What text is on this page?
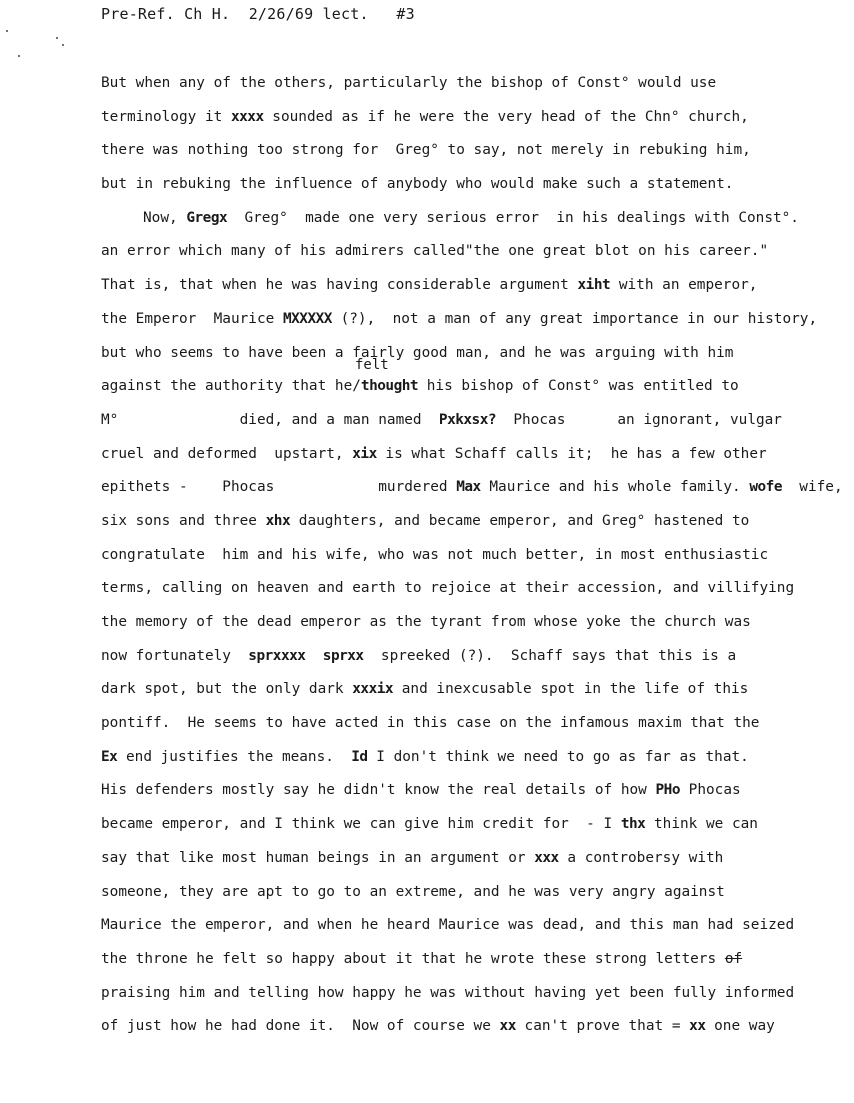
Pre-Ref. Ch H.  2/26/69 lect.   #3
felt
But when any of the others, particularly the bishop of Const° would use
terminology it xxxx sounded as if he were the very head of the Chn° church,
there was nothing too strong for  Greg° to say, not merely in rebuking him,
but in rebuking the influence of anybody who would make such a statement.
Now, Gregx  Greg°  made one very serious error  in his dealings with Const°.
an error which many of his admirers called"the one great blot on his career."
That is, that when he was having considerable argument xiht with an emperor,
the Emperor  Maurice MXXXXX (?),  not a man of any great importance in our history,
but who seems to have been a fairly good man, and he was arguing with him
against the authority that he/thought his bishop of Const° was entitled to
M°              died, and a man named  Pxkxsx?  Phocas      an ignorant, vulgar
cruel and deformed  upstart, xix is what Schaff calls it;  he has a few other
epithets -    Phocas            murdered Max Maurice and his whole family. wofe  wife,
six sons and three xhx daughters, and became emperor, and Greg° hastened to
congratulate  him and his wife, who was not much better, in most enthusiastic
terms, calling on heaven and earth to rejoice at their accession, and villifying
the memory of the dead emperor as the tyrant from whose yoke the church was
now fortunately  sprxxxx sprxx  spreeked (?).  Schaff says that this is a
dark spot, but the only dark xxxix and inexcusable spot in the life of this
pontiff.  He seems to have acted in this case on the infamous maxim that the
Ex end justifies the means.  Id I don't think we need to go as far as that.
His defenders mostly say he didn't know the real details of how PHo Phocas
became emperor, and I think we can give him credit for  - I thx think we can
say that like most human beings in an argument or xxx a controbersy with
someone, they are apt to go to an extreme, and he was very angry against
Maurice the emperor, and when he heard Maurice was dead, and this man had seized
the throne he felt so happy about it that he wrote these strong letters of
praising him and telling how happy he was without having yet been fully informed
of just how he had done it.  Now of course we xx can't prove that = xx one way
